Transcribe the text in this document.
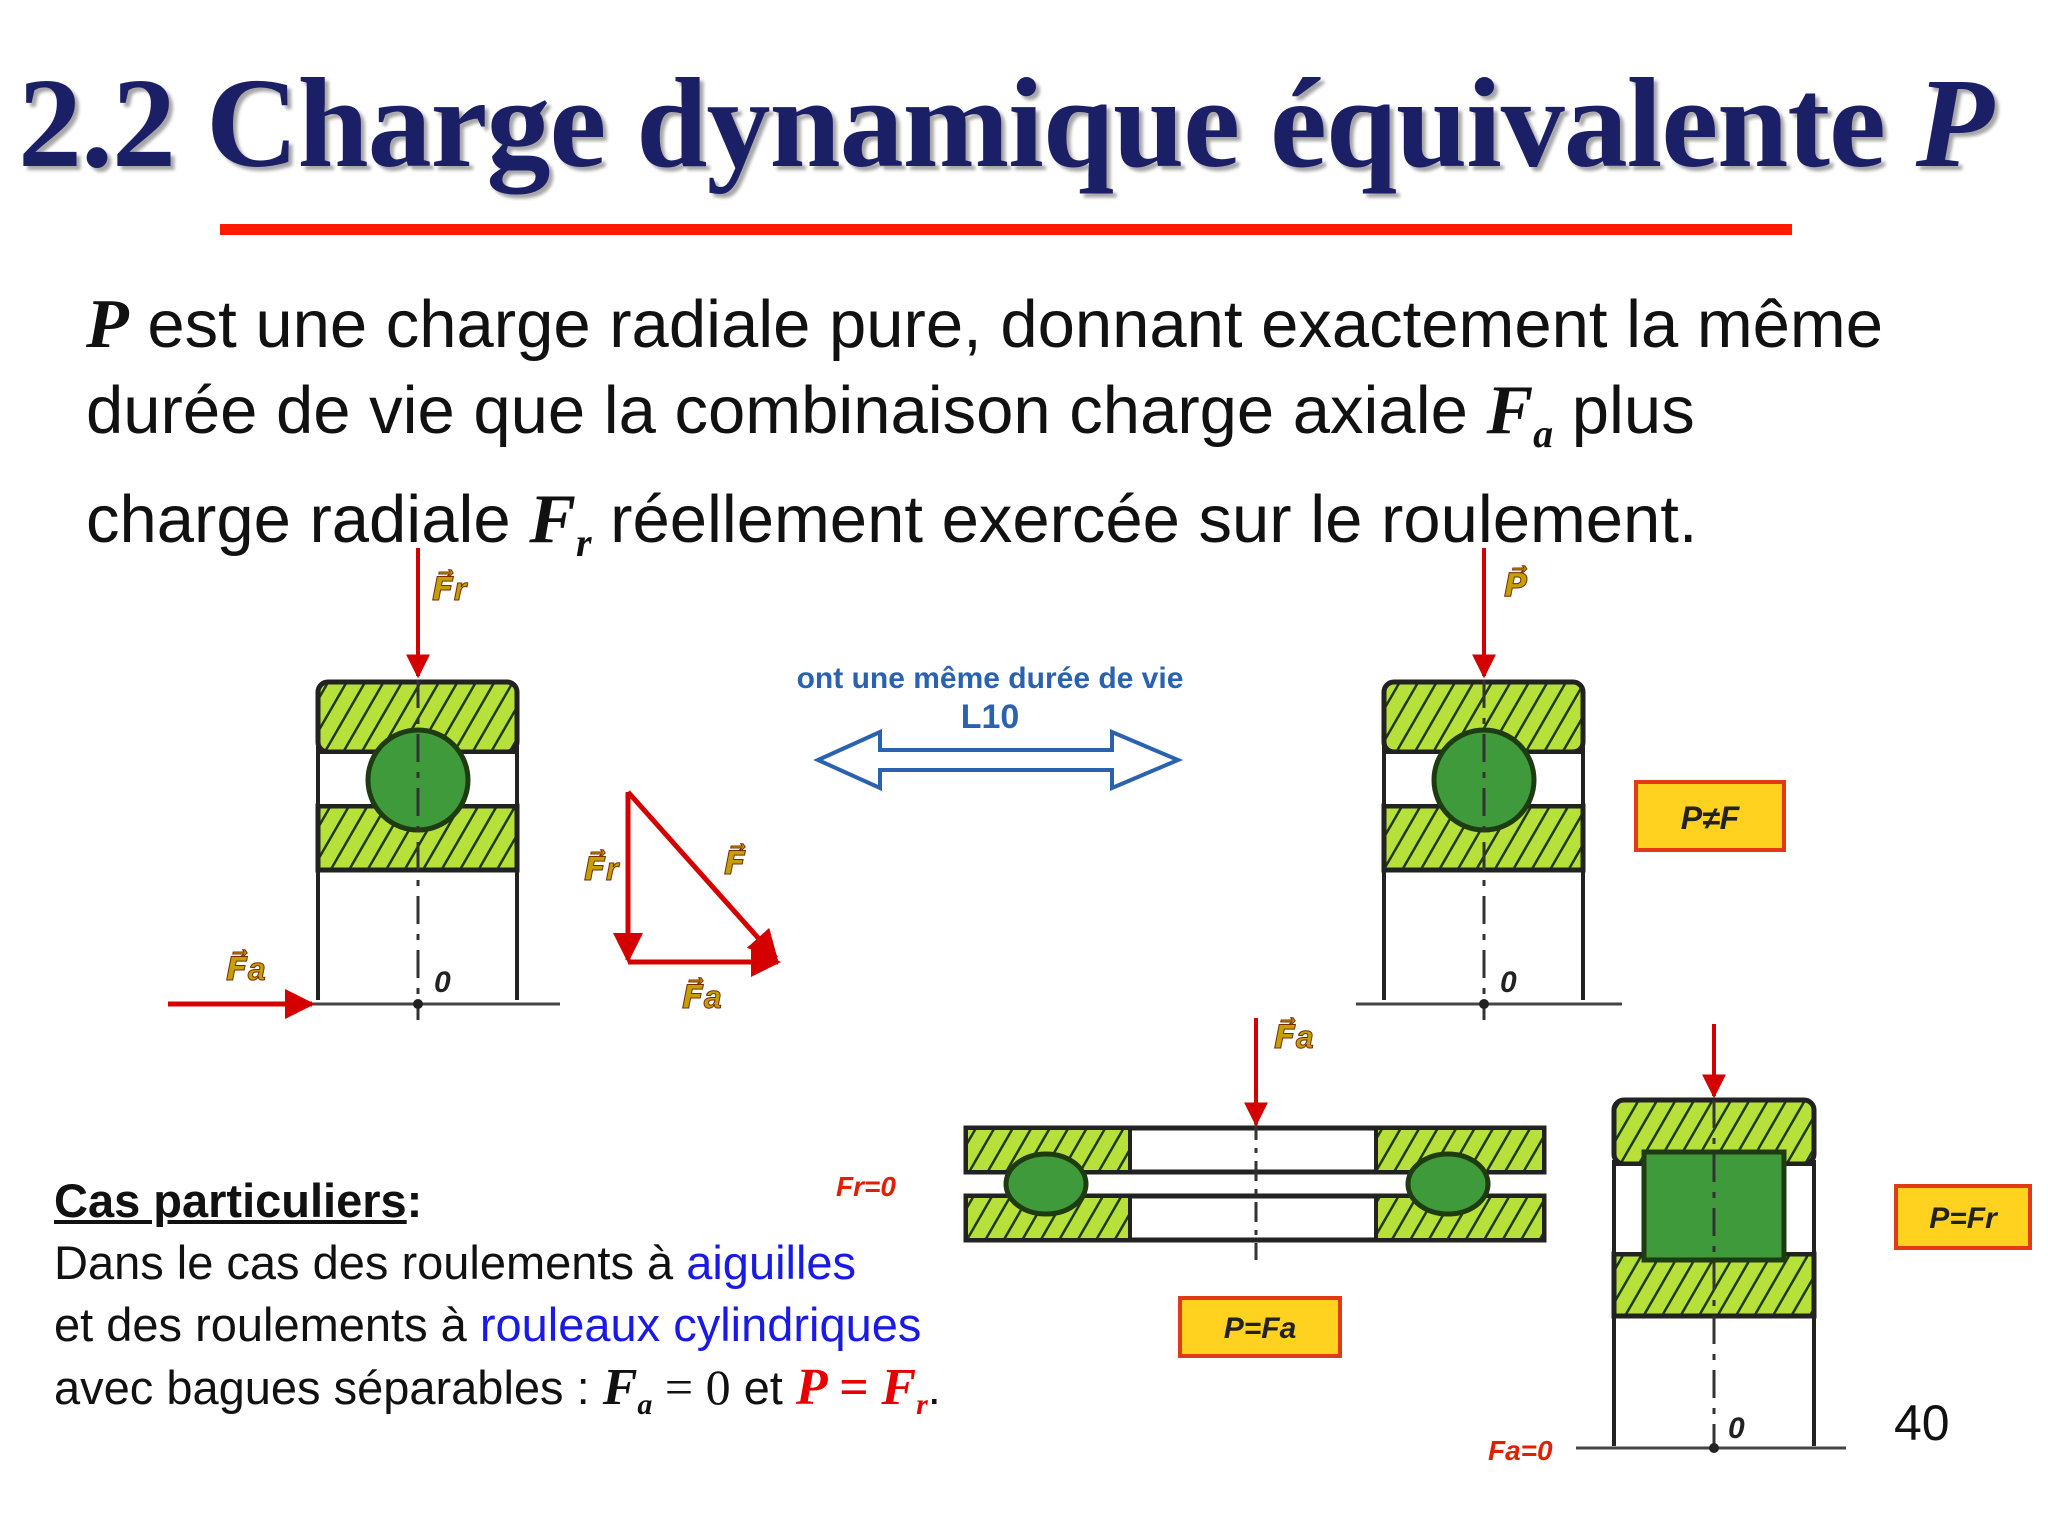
2.2 Charge dynamique équivalente P
P est une charge radiale pure, donnant exactement la même
durée de vie que la combinaison charge axiale $F_a$ plus
charge radiale $F_r$ réellement exercée sur le roulement.
0
F⃗r
F⃗a
F⃗r	F⃗
F⃗a
ont une même durée de vie
L10
0
P⃗
P≠F
F⃗a
Fr=0
P=Fa
0
Fa=0
P=Fr
Cas particuliers:
Dans le cas des roulements à aiguilles
et des roulements à rouleaux cylindriques
avec bagues séparables : $F_a = 0$ et $P = F_r$.
40
